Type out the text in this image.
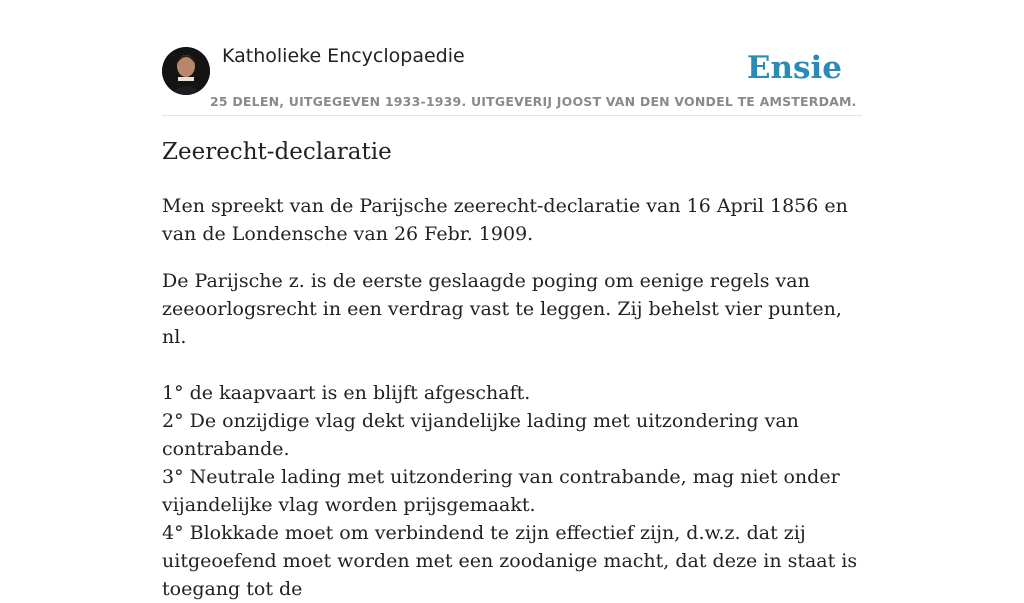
Katholieke Encyclopaedie
25 DELEN, UITGEGEVEN 1933-1939. UITGEVERIJ JOOST VAN DEN VONDEL TE AMSTERDAM.
Ensie
Zeerecht-declaratie

Men spreekt van de Parijsche zeerecht-declaratie van 16 April 1856 en van de Londensche van 26 Febr. 1909.

De Parijsche z. is de eerste geslaagde poging om eenige regels van zeeoorlogsrecht in een verdrag vast te leggen. Zij behelst vier punten, nl.

1° de kaapvaart is en blijft afgeschaft.
2° De onzijdige vlag dekt vijandelijke lading met uitzondering van contrabande.
3° Neutrale lading met uitzondering van contrabande, mag niet onder vijandelijke vlag worden prijsgemaakt.
4° Blokkade moet om verbindend te zijn effectief zijn, d.w.z. dat zij uitgeoefend moet worden met een zoodanige macht, dat deze in staat is toegang tot de
